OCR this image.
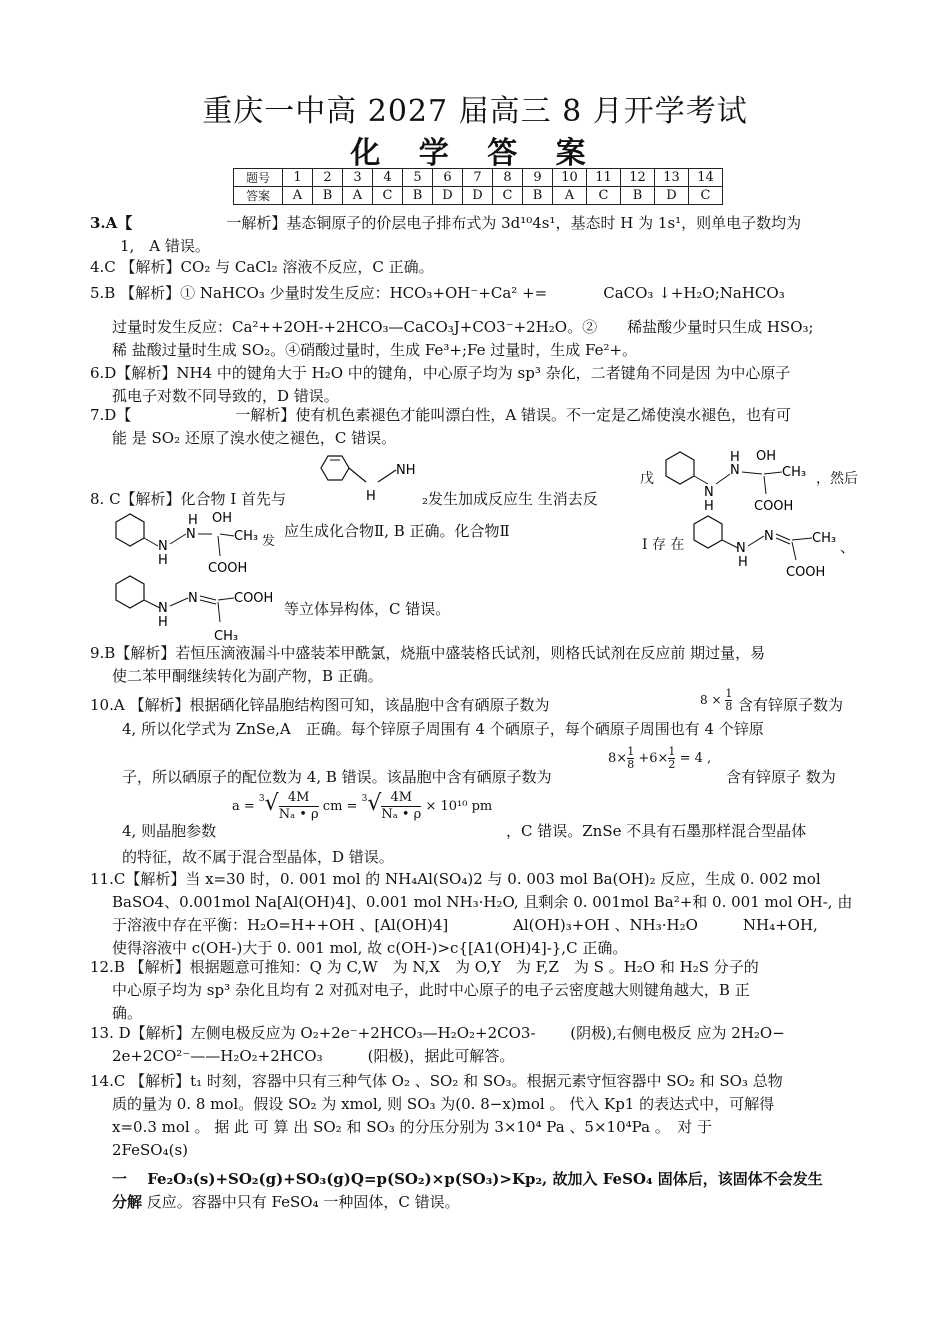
重庆一中高 2027 届高三 8 月开学考试
化 学 答 案
题号	1	2	3	4	5	6	7	8	9	10	11	12	13	14
答案	A	B	A	C	B	D	D	C	B	A	C	B	D	C
3.A【	一解析】基态铜原子的价层电子排布式为 3d¹⁰4s¹，基态时 H 为 1s¹，则单电子数均为
1,　A 错误。
4.C 【解析】CO₂ 与 CaCl₂ 溶液不反应，C 正确。
5.B 【解析】① NaHCO₃ 少量时发生反应：HCO₃+OH⁻+Ca² +=	CaCO₃ ↓+H₂O;NaHCO₃
过量时发生反应：Ca²++2OH-+2HCO₃—CaCO₃J+CO3⁻+2H₂O。②　　稀盐酸少量时只生成 HSO₃;
稀 盐酸过量时生成 SO₂。④硝酸过量时，生成 Fe³+;Fe 过量时，生成 Fe²+。
6.D【解析】NH4 中的键角大于 H₂O 中的键角，中心原子均为 sp³ 杂化，二者键角不同是因 为中心原子
孤电子对数不同导致的，D 错误。
7.D【	一解析】使有机色素褪色才能叫漂白性，A 错误。不一定是乙烯使溴水褪色，也有可
能 是 SO₂ 还原了溴水使之褪色，C 错误。
8. C【解析】化合物 I 首先与	₂发生加成反应生 生消去反
戊	，然后
应生成化合物Ⅱ, B 正确。化合物Ⅱ
发	I 存 在	、
等立体异构体，C 错误。
NH
H	N
H
N
H OH
CH₃
COOH
N
H
N
H OH
CH₃
COOH
N
H
N	CH₃
COOH
N
H
N	COOH
CH₃
9.B【解析】若恒压滴液漏斗中盛装苯甲酰氯，烧瓶中盛装格氏试剂，则格氏试剂在反应前 期过量，易
使二苯甲酮继续转化为副产物，B 正确。
10.A 【解析】根据硒化锌晶胞结构图可知，该晶胞中含有硒原子数为	$8 \times \frac{1}{8}$ 含有锌原子数为
4, 所以化学式为 ZnSe,A　正确。每个锌原子周围有 4 个硒原子，每个硒原子周围也有 4 个锌原
子，所以硒原子的配位数为 4, B 错误。该晶胞中含有硒原子数为
$8\times \frac{1}{8} +6\times \frac{1}{2} = 4$ ,
含有锌原子 数为
4, 则晶胞参数
$a = ^3√ \frac{4M}{\text{Nₐ • ρ}}$ cm = $^3√ \frac{4M}{\text{Nₐ • ρ}} \times 10^{10}$ pm
，C 错误。ZnSe 不具有石墨那样混合型晶体
的特征，故不属于混合型晶体，D 错误。
11.C【解析】当 x=30 时，0. 001 mol 的 NH₄Al(SO₄)2 与 0. 003 mol Ba(OH)₂ 反应，生成 0. 002 mol
BaSO4、0.001mol Na[Al(OH)4]、0.001 mol NH₃·H₂O, 且剩余 0. 001mol Ba²+和 0. 001 mol OH-, 由
于溶液中存在平衡：H₂O=H++OH 、[Al(OH)4]　　　　 Al(OH)₃+OH 、NH₃·H₂O　　　NH₄+OH,
使得溶液中 c(OH-)大于 0. 001 mol, 故 c(OH-)>c{[A1(OH)4]-},C 正确。
12.B 【解析】根据题意可推知：Q 为 C,W　为 N,X　为 O,Y　为 F,Z　为 S 。H₂O 和 H₂S 分子的
中心原子均为 sp³ 杂化且均有 2 对孤对电子，此时中心原子的电子云密度越大则键角越大，B 正
确。
13. D【解析】左侧电极反应为 O₂+2e⁻+2HCO₃—H₂O₂+2CO3-　　 (阴极),右侧电极反 应为 2H₂O−
2e+2CO²⁻——H₂O₂+2HCO₃　　　(阳极)，据此可解答。
14.C 【解析】t₁ 时刻，容器中只有三种气体 O₂ 、SO₂ 和 SO₃。根据元素守恒容器中 SO₂ 和 SO₃ 总物
质的量为 0. 8 mol。假设 SO₂ 为 xmol, 则 SO₃ 为(0. 8−x)mol 。 代入 Kp1 的表达式中，可解得
x=0.3 mol 。 据 此 可 算 出 SO₂ 和 SO₃ 的分压分别为 3×10⁴ Pa 、5×10⁴Pa 。　对 于
2FeSO₄(s)
一　 Fe₂O₃(s)+SO₂(g)+SO₃(g)Q=p(SO₂)×p(SO₃)>Kp₂, 故加入 FeSO₄ 固体后，该固体不会发生
分解 反应。容器中只有 FeSO₄ 一种固体，C 错误。
